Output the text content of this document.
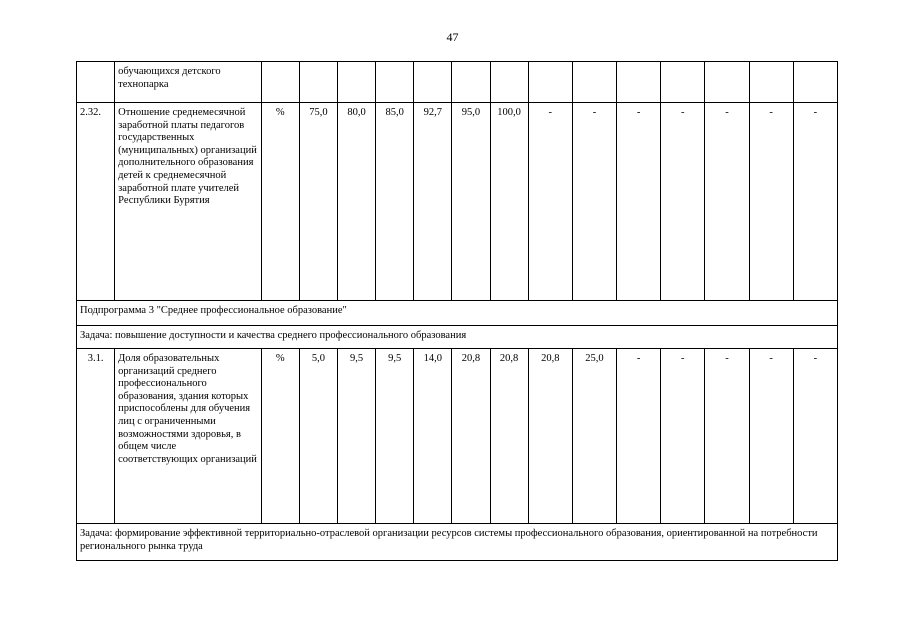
47
	обучающихся детского технопарка														
2.32.	Отношение среднемесячной заработной платы педагогов государственных (муниципальных) организаций дополнительного образования детей к среднемесячной заработной плате учителей Республики Бурятия	%	75,0	80,0	85,0	92,7	95,0	100,0	-	-	-	-	-	-	-
Подпрограмма 3 "Среднее профессиональное образование"															
Задача: повышение доступности и качества среднего профессионального образования															
3.1.	Доля образовательных организаций среднего профессионального образования, здания которых приспособлены для обучения лиц с ограниченными возможностями здоровья, в общем числе соответствующих организаций	%	5,0	9,5	9,5	14,0	20,8	20,8	20,8	25,0	-	-	-	-	-
Задача: формирование эффективной территориально-отраслевой организации ресурсов системы профессионального образования, ориентированной на потребности регионального рынка труда															
